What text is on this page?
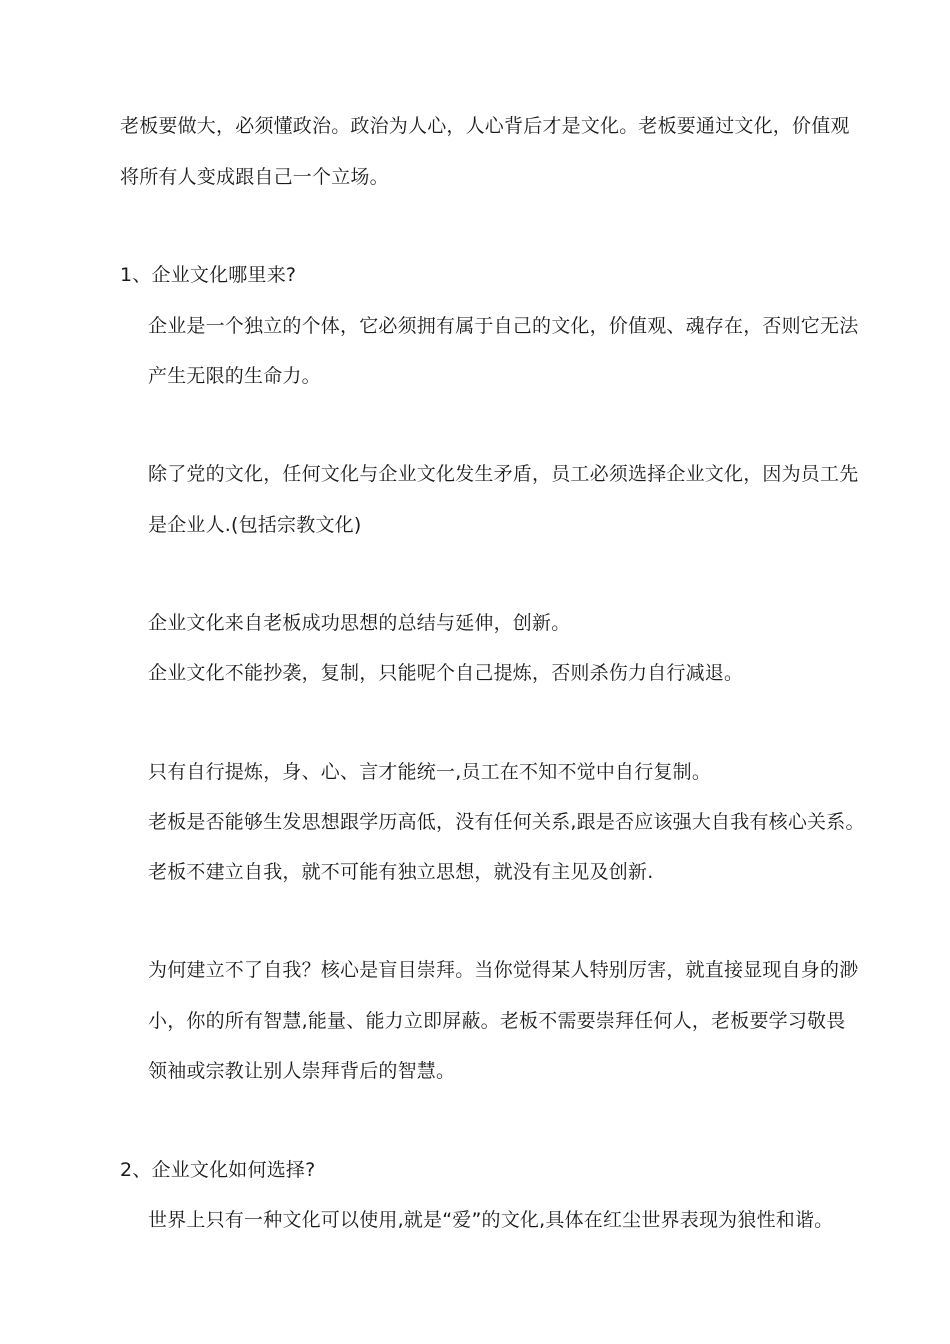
老板要做大，必须懂政治。政治为人心，人心背后才是文化。老板要通过文化，价值观
将所有人变成跟自己一个立场。
1、企业文化哪里来?
企业是一个独立的个体，它必须拥有属于自己的文化，价值观、魂存在，否则它无法
产生无限的生命力。
除了党的文化，任何文化与企业文化发生矛盾，员工必须选择企业文化，因为员工先
是企业人.(包括宗教文化)
企业文化来自老板成功思想的总结与延伸，创新。
企业文化不能抄袭，复制，只能呢个自己提炼，否则杀伤力自行减退。
只有自行提炼，身、心、言才能统一,员工在不知不觉中自行复制。
老板是否能够生发思想跟学历高低，没有任何关系,跟是否应该强大自我有核心关系。
老板不建立自我，就不可能有独立思想，就没有主见及创新.
为何建立不了自我？核心是盲目崇拜。当你觉得某人特别厉害，就直接显现自身的渺
小，你的所有智慧,能量、能力立即屏蔽。老板不需要崇拜任何人，老板要学习敬畏
领袖或宗教让别人崇拜背后的智慧。
2、企业文化如何选择?
世界上只有一种文化可以使用,就是“爱”的文化,具体在红尘世界表现为狼性和谐。
